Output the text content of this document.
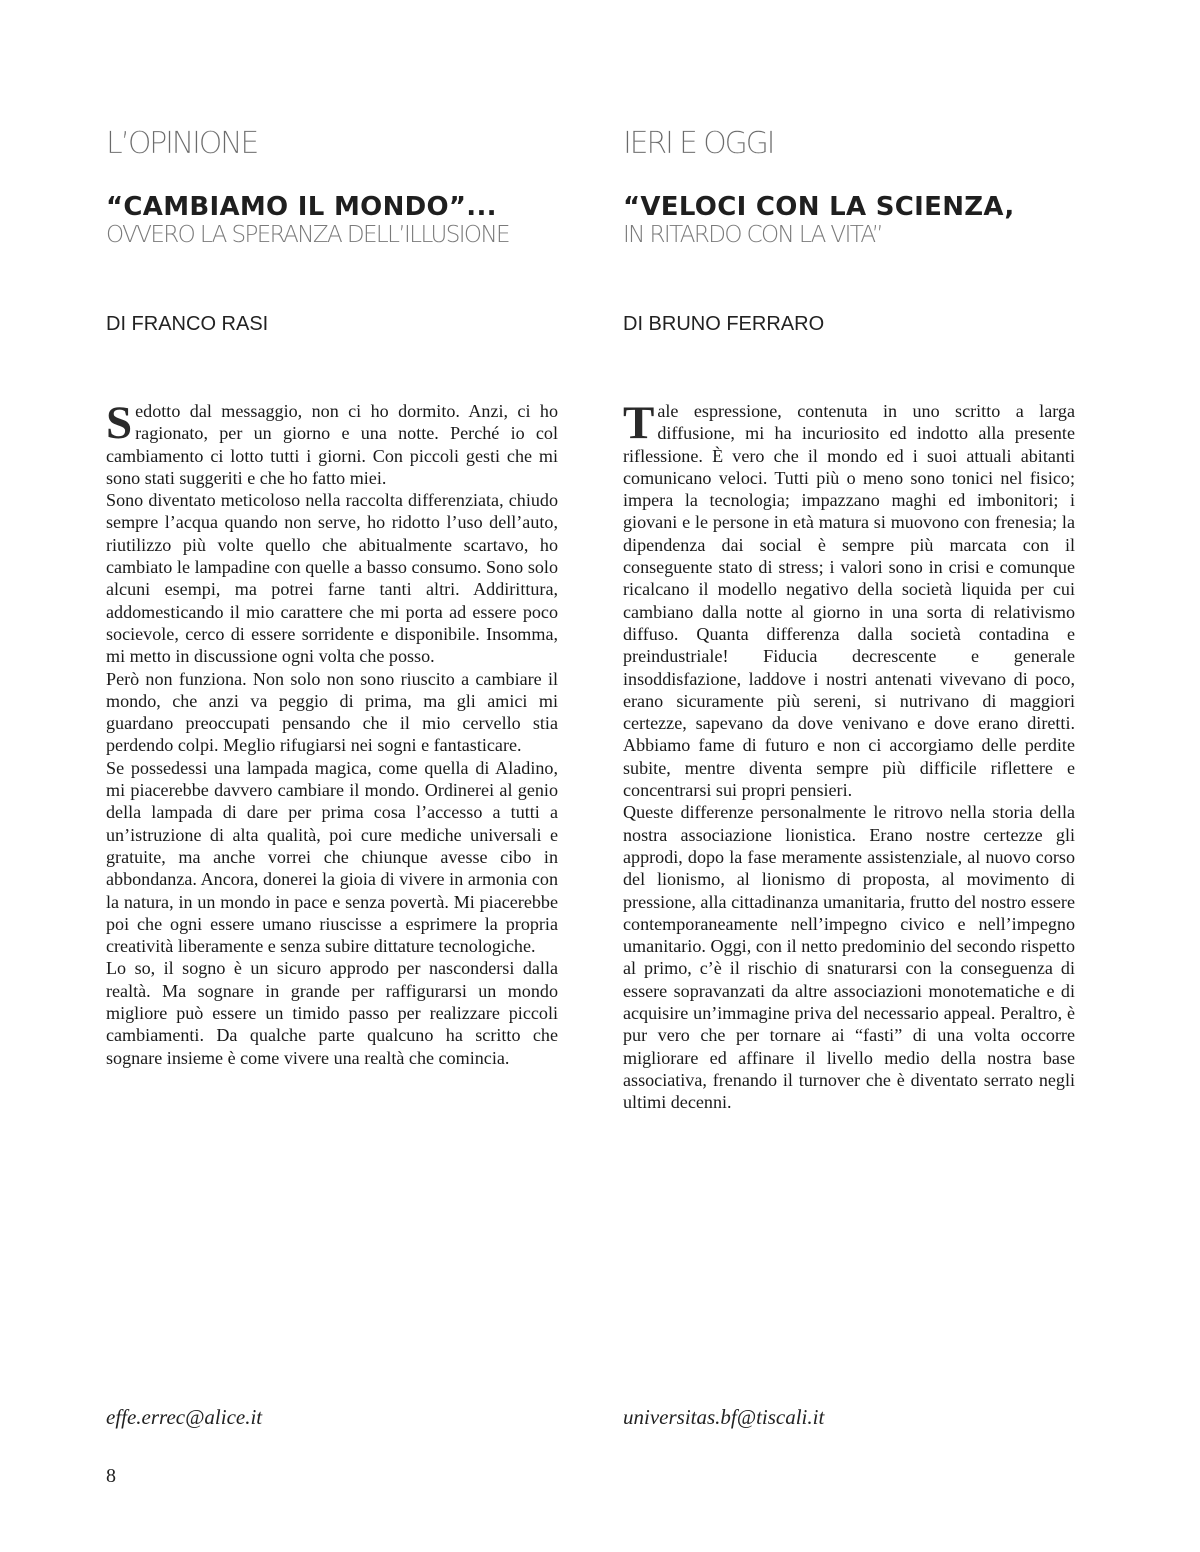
L’OPINIONE
“CAMBIAMO IL MONDO”...
OVVERO LA SPERANZA DELL’ILLUSIONE
DI FRANCO RASI
S edotto dal messaggio, non ci ho dormito. Anzi, ci ho ragionato, per un giorno e una notte. Perché io col cambiamento ci lotto tutti i giorni. Con piccoli gesti che mi sono stati suggeriti e che ho fatto miei.

Sono diventato meticoloso nella raccolta differenziata, chiudo sempre l’acqua quando non serve, ho ridotto l’uso dell’auto, riutilizzo più volte quello che abitualmente scartavo, ho cambiato le lampadine con quelle a basso consumo. Sono solo alcuni esempi, ma potrei farne tanti altri. Addirittura, addomesticando il mio carattere che mi porta ad essere poco socievole, cerco di essere sorridente e disponibile. Insomma, mi metto in discussione ogni volta che posso.

Però non funziona. Non solo non sono riuscito a cambiare il mondo, che anzi va peggio di prima, ma gli amici mi guardano preoccupati pensando che il mio cervello stia perdendo colpi. Meglio rifugiarsi nei sogni e fantasticare.

Se possedessi una lampada magica, come quella di Aladino, mi piacerebbe davvero cambiare il mondo. Ordinerei al genio della lampada di dare per prima cosa l’accesso a tutti a un’istruzione di alta qualità, poi cure mediche universali e gratuite, ma anche vorrei che chiunque avesse cibo in abbondanza. Ancora, donerei la gioia di vivere in armonia con la natura, in un mondo in pace e senza povertà. Mi piacerebbe poi che ogni essere umano riuscisse a esprimere la propria creatività liberamente e senza subire dittature tecnologiche.

Lo so, il sogno è un sicuro approdo per nascondersi dalla realtà. Ma sognare in grande per raffigurarsi un mondo migliore può essere un timido passo per realizzare piccoli cambiamenti. Da qualche parte qualcuno ha scritto che sognare insieme è come vivere una realtà che comincia.

effe.errec@alice.it
IERI E OGGI
“VELOCI CON LA SCIENZA,
IN RITARDO CON LA VITA”
DI BRUNO FERRARO
T ale espressione, contenuta in uno scritto a larga diffusione, mi ha incuriosito ed indotto alla presente riflessione. È vero che il mondo ed i suoi attuali abitanti comunicano veloci. Tutti più o meno sono tonici nel fisico; impera la tecnologia; impazzano maghi ed imbonitori; i giovani e le persone in età matura si muovono con frenesia; la dipendenza dai social è sempre più marcata con il conseguente stato di stress; i valori sono in crisi e comunque ricalcano il modello negativo della società liquida per cui cambiano dalla notte al giorno in una sorta di relativismo diffuso. Quanta differenza dalla società contadina e preindustriale! Fiducia decrescente e generale insoddisfazione, laddove i nostri antenati vivevano di poco, erano sicuramente più sereni, si nutrivano di maggiori certezze, sapevano da dove venivano e dove erano diretti. Abbiamo fame di futuro e non ci accorgiamo delle perdite subite, mentre diventa sempre più difficile riflettere e concentrarsi sui propri pensieri.

Queste differenze personalmente le ritrovo nella storia della nostra associazione lionistica. Erano nostre certezze gli approdi, dopo la fase meramente assistenziale, al nuovo corso del lionismo, al lionismo di proposta, al movimento di pressione, alla cittadinanza umanitaria, frutto del nostro essere contemporaneamente nell’impegno civico e nell’impegno umanitario. Oggi, con il netto predominio del secondo rispetto al primo, c’è il rischio di snaturarsi con la conseguenza di essere sopravanzati da altre associazioni monotematiche e di acquisire un’immagine priva del necessario appeal. Peraltro, è pur vero che per tornare ai “fasti” di una volta occorre migliorare ed affinare il livello medio della nostra base associativa, frenando il turnover che è diventato serrato negli ultimi decenni.

universitas.bf@tiscali.it
8
